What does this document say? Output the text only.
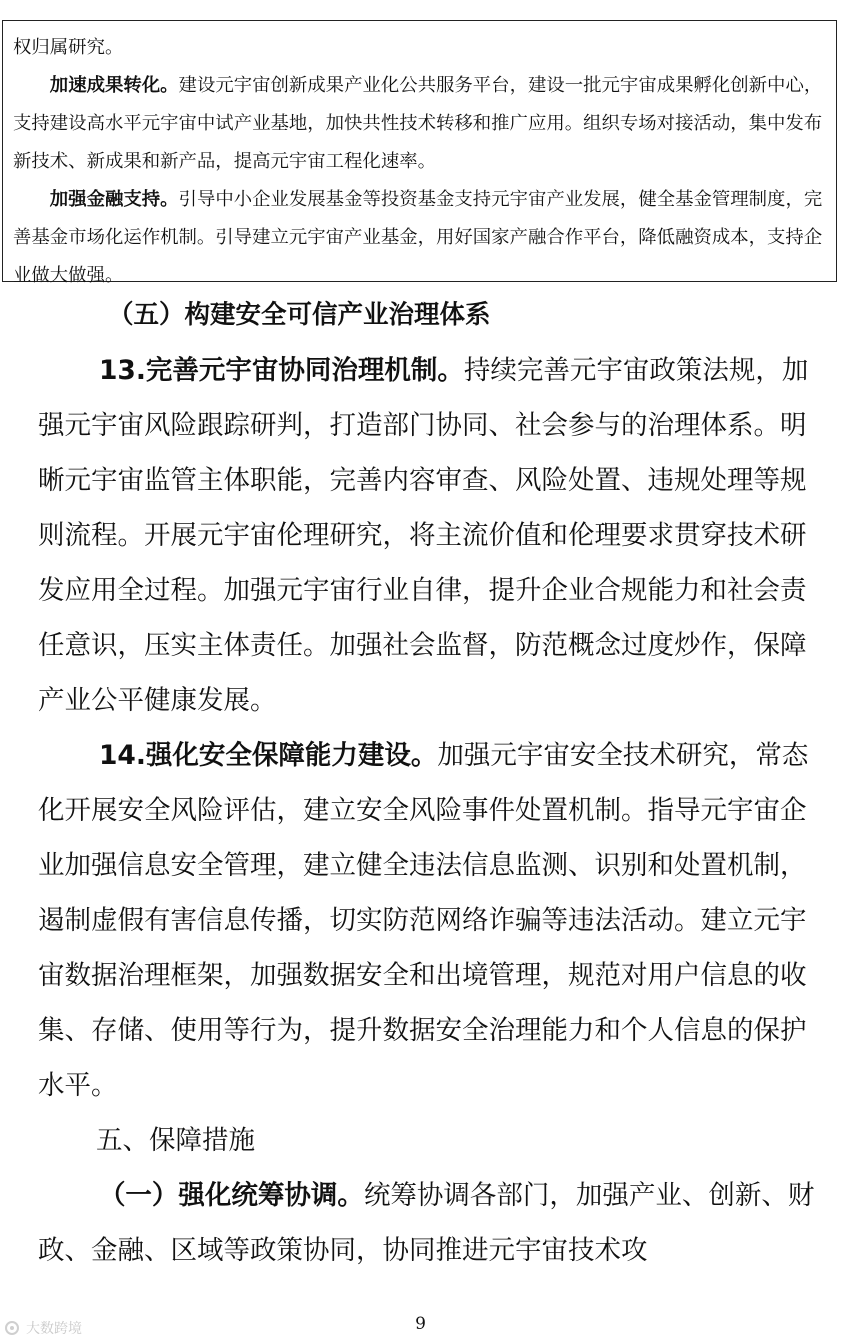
权归属研究。

加速成果转化。建设元宇宙创新成果产业化公共服务平台，建设一批元宇宙成果孵化创新中心，支持建设高水平元宇宙中试产业基地，加快共性技术转移和推广应用。组织专场对接活动，集中发布新技术、新成果和新产品，提高元宇宙工程化速率。

加强金融支持。引导中小企业发展基金等投资基金支持元宇宙产业发展，健全基金管理制度，完善基金市场化运作机制。引导建立元宇宙产业基金，用好国家产融合作平台，降低融资成本，支持企业做大做强。

（五）构建安全可信产业治理体系

13.完善元宇宙协同治理机制。持续完善元宇宙政策法规，加强元宇宙风险跟踪研判，打造部门协同、社会参与的治理体系。明晰元宇宙监管主体职能，完善内容审查、风险处置、违规处理等规则流程。开展元宇宙伦理研究，将主流价值和伦理要求贯穿技术研发应用全过程。加强元宇宙行业自律，提升企业合规能力和社会责任意识，压实主体责任。加强社会监督，防范概念过度炒作，保障产业公平健康发展。

14.强化安全保障能力建设。加强元宇宙安全技术研究，常态化开展安全风险评估，建立安全风险事件处置机制。指导元宇宙企业加强信息安全管理，建立健全违法信息监测、识别和处置机制，遏制虚假有害信息传播，切实防范网络诈骗等违法活动。建立元宇宙数据治理框架，加强数据安全和出境管理，规范对用户信息的收集、存储、使用等行为，提升数据安全治理能力和个人信息的保护水平。

五、保障措施

（一）强化统筹协调。统筹协调各部门，加强产业、创新、财政、金融、区域等政策协同，协同推进元宇宙技术攻

9
大数跨境
